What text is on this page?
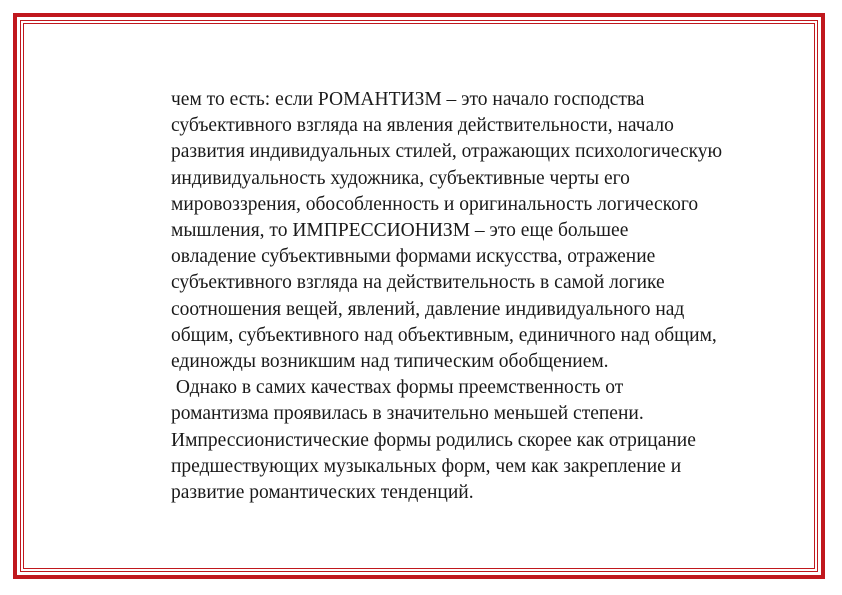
чем то есть: если РОМАНТИЗМ – это начало господства
субъективного взгляда на явления действительности, начало
развития индивидуальных стилей, отражающих психологическую
индивидуальность художника, субъективные черты его
мировоззрения, обособленность и оригинальность логического
мышления, то ИМПРЕССИОНИЗМ – это еще большее
овладение субъективными формами искусства, отражение
субъективного взгляда на действительность в самой логике
соотношения вещей, явлений, давление индивидуального над
общим, субъективного над объективным, единичного над общим,
единожды возникшим над типическим обобщением.
Однако в самих качествах формы преемственность от
романтизма проявилась в значительно меньшей степени.
Импрессионистические формы родились скорее как отрицание
предшествующих музыкальных форм, чем как закрепление и
развитие романтических тенденций.
